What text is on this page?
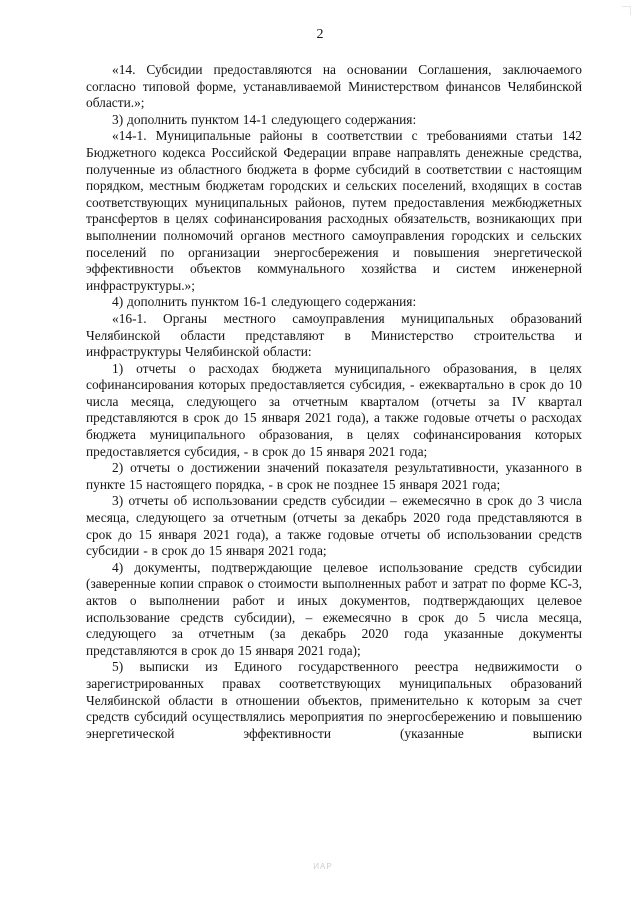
2

«14. Субсидии предоставляются на основании Соглашения, заключаемого согласно типовой форме, устанавливаемой Министерством финансов Челябинской области.»;

3) дополнить пунктом 14-1 следующего содержания:

«14-1. Муниципальные районы в соответствии с требованиями статьи 142 Бюджетного кодекса Российской Федерации вправе направлять денежные средства, полученные из областного бюджета в форме субсидий в соответствии с настоящим порядком, местным бюджетам городских и сельских поселений, входящих в состав соответствующих муниципальных районов, путем предоставления межбюджетных трансфертов в целях софинансирования расходных обязательств, возникающих при выполнении полномочий органов местного самоуправления городских и сельских поселений по организации энергосбережения и повышения энергетической эффективности объектов коммунального хозяйства и систем инженерной инфраструктуры.»;

4) дополнить пунктом 16-1 следующего содержания:

«16-1. Органы местного самоуправления муниципальных образований Челябинской области представляют в Министерство строительства и инфраструктуры Челябинской области:

1) отчеты о расходах бюджета муниципального образования, в целях софинансирования которых предоставляется субсидия, - ежеквартально в срок до 10 числа месяца, следующего за отчетным кварталом (отчеты за IV квартал представляются в срок до 15 января 2021 года), а также годовые отчеты о расходах бюджета муниципального образования, в целях софинансирования которых предоставляется субсидия, - в срок до 15 января 2021 года;

2) отчеты о достижении значений показателя результативности, указанного в пункте 15 настоящего порядка, - в срок не позднее 15 января 2021 года;

3) отчеты об использовании средств субсидии – ежемесячно в срок до 3 числа месяца, следующего за отчетным (отчеты за декабрь 2020 года представляются в срок до 15 января 2021 года), а также годовые отчеты об использовании средств субсидии - в срок до 15 января 2021 года;

4) документы, подтверждающие целевое использование средств субсидии (заверенные копии справок о стоимости выполненных работ и затрат по форме КС-3, актов о выполнении работ и иных документов, подтверждающих целевое использование средств субсидии), – ежемесячно в срок до 5 числа месяца, следующего за отчетным (за декабрь 2020 года указанные документы представляются в срок до 15 января 2021 года);

5) выписки из Единого государственного реестра недвижимости о зарегистрированных правах соответствующих муниципальных образований Челябинской области в отношении объектов, применительно к которым за счет средств субсидий осуществлялись мероприятия по энергосбережению и повышению энергетической эффективности (указанные выписки

ИАР
